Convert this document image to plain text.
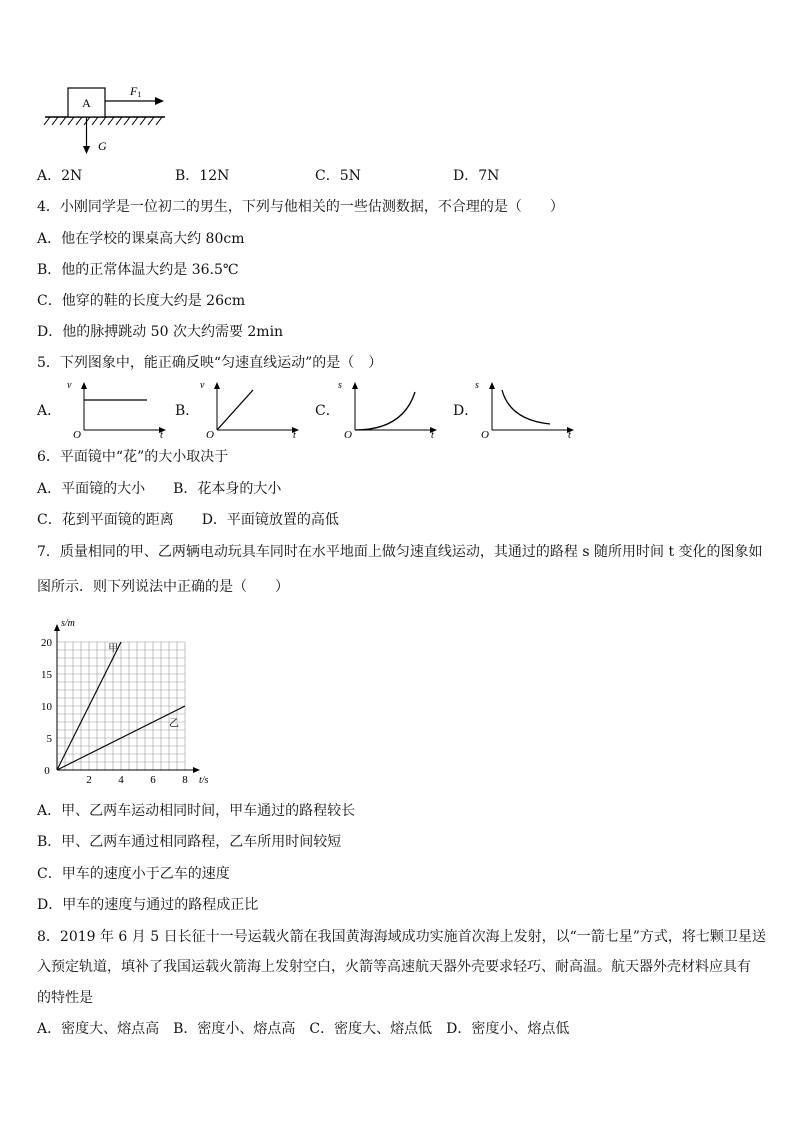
A
F1
G
A．2N	B．12N	C．5N	D．7N
4．小刚同学是一位初二的男生，下列与他相关的一些估测数据，不合理的是（　　）
A．他在学校的课桌高大约 80cm
B．他的正常体温大约是 36.5℃
C．他穿的鞋的长度大约是 26cm
D．他的脉搏跳动 50 次大约需要 2min
5．下列图象中，能正确反映“匀速直线运动”的是（　）
A．
v
t
O
B．
v
t
O
C．
s
t
O
D．
s
t
O
6．平面镜中“花”的大小取决于
A．平面镜的大小　　B．花本身的大小
C．花到平面镜的距离　　D．平面镜放置的高低
7．质量相同的甲、乙两辆电动玩具车同时在水平地面上做匀速直线运动，其通过的路程 s 随所用时间 t 变化的图象如
图所示．则下列说法中正确的是（　　）
2 4 6 8
5
10
15
20
0
t/s
s/m
甲
乙
A．甲、乙两车运动相同时间，甲车通过的路程较长
B．甲、乙两车通过相同路程，乙车所用时间较短
C．甲车的速度小于乙车的速度
D．甲车的速度与通过的路程成正比
8．2019 年 6 月 5 日长征十一号运载火箭在我国黄海海域成功实施首次海上发射，以“一箭七星”方式，将七颗卫星送
入预定轨道，填补了我国运载火箭海上发射空白，火箭等高速航天器外壳要求轻巧、耐高温。航天器外壳材料应具有
的特性是
A．密度大、熔点高　B．密度小、熔点高　C．密度大、熔点低　D．密度小、熔点低
